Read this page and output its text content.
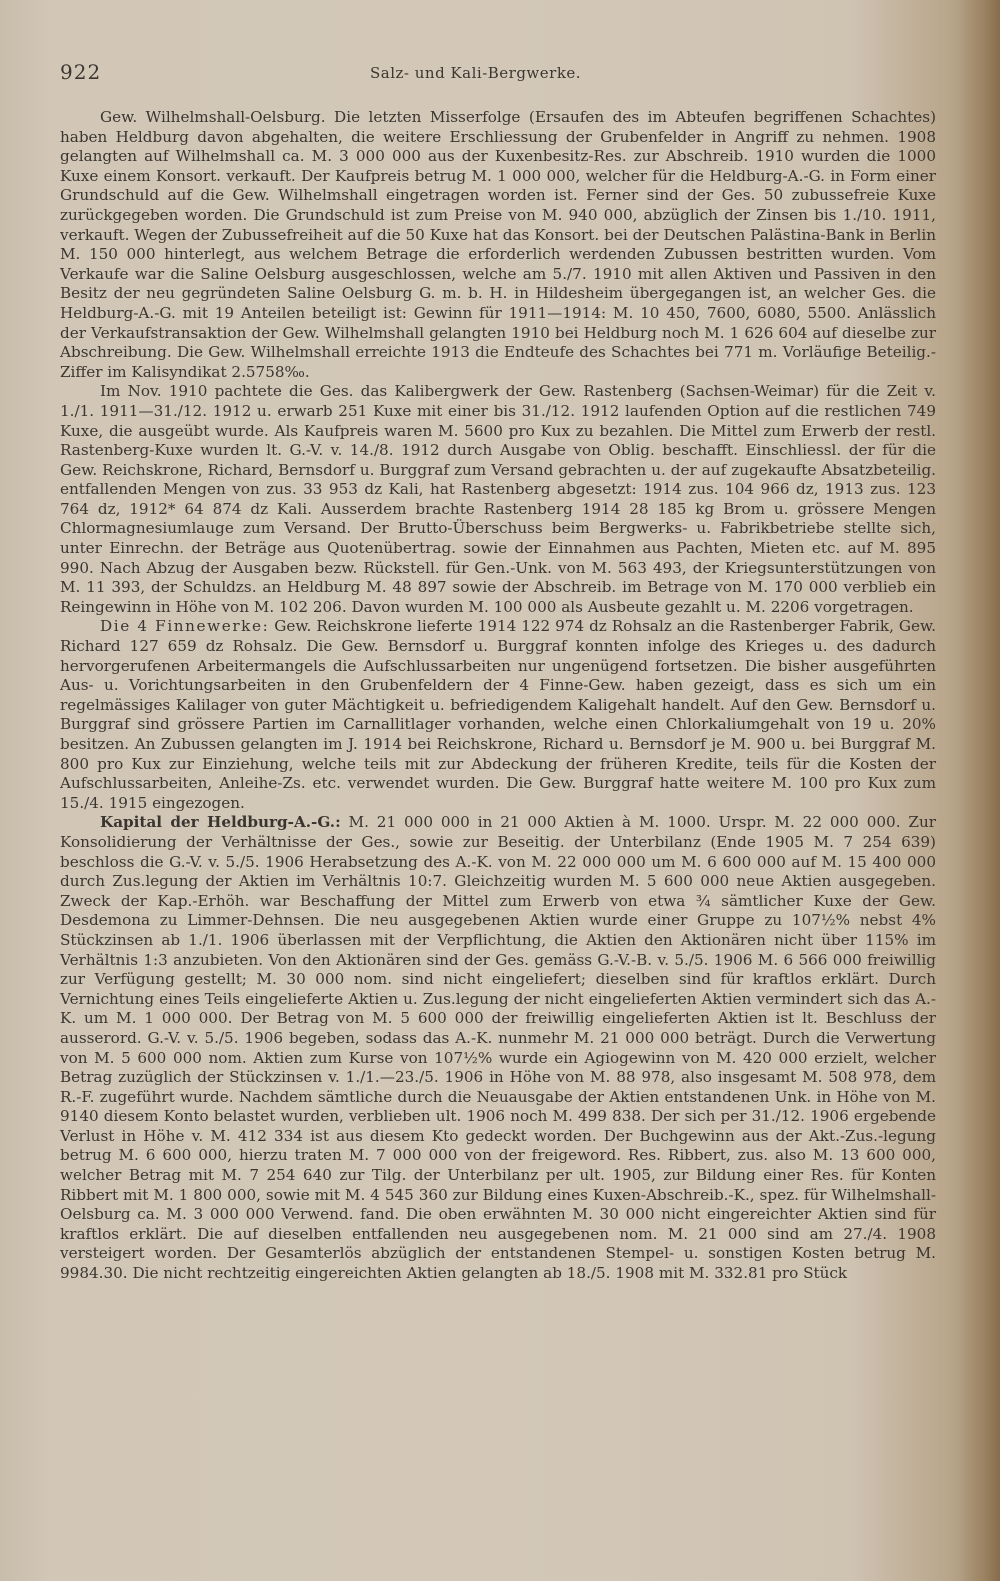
922	Salz- und Kali-Bergwerke.

Gew. Wilhelmshall-Oelsburg. Die letzten Misserfolge (Ersaufen des im Abteufen begriffenen Schachtes) haben Heldburg davon abgehalten, die weitere Erschliessung der Grubenfelder in Angriff zu nehmen. 1908 gelangten auf Wilhelmshall ca. M. 3 000 000 aus der Kuxenbesitz-Res. zur Abschreib. 1910 wurden die 1000 Kuxe einem Konsort. verkauft. Der Kaufpreis betrug M. 1 000 000, welcher für die Heldburg-A.-G. in Form einer Grundschuld auf die Gew. Wilhelmshall eingetragen worden ist. Ferner sind der Ges. 50 zubussefreie Kuxe zurückgegeben worden. Die Grundschuld ist zum Preise von M. 940 000, abzüglich der Zinsen bis 1./10. 1911, verkauft. Wegen der Zubussefreiheit auf die 50 Kuxe hat das Konsort. bei der Deutschen Palästina-Bank in Berlin M. 150 000 hinterlegt, aus welchem Betrage die erforderlich werdenden Zubussen bestritten wurden. Vom Verkaufe war die Saline Oelsburg ausgeschlossen, welche am 5./7. 1910 mit allen Aktiven und Passiven in den Besitz der neu gegründeten Saline Oelsburg G. m. b. H. in Hildesheim übergegangen ist, an welcher Ges. die Heldburg-A.-G. mit 19 Anteilen beteiligt ist: Gewinn für 1911—1914: M. 10 450, 7600, 6080, 5500. Anlässlich der Verkaufstransaktion der Gew. Wilhelmshall gelangten 1910 bei Heldburg noch M. 1 626 604 auf dieselbe zur Abschreibung. Die Gew. Wilhelmshall erreichte 1913 die Endteufe des Schachtes bei 771 m. Vorläufige Beteilig.-Ziffer im Kalisyndikat 2.5758‰.

Im Nov. 1910 pachtete die Ges. das Kalibergwerk der Gew. Rastenberg (Sachsen-Weimar) für die Zeit v. 1./1. 1911—31./12. 1912 u. erwarb 251 Kuxe mit einer bis 31./12. 1912 laufenden Option auf die restlichen 749 Kuxe, die ausgeübt wurde. Als Kaufpreis waren M. 5600 pro Kux zu bezahlen. Die Mittel zum Erwerb der restl. Rastenberg-Kuxe wurden lt. G.-V. v. 14./8. 1912 durch Ausgabe von Oblig. beschafft. Einschliessl. der für die Gew. Reichskrone, Richard, Bernsdorf u. Burggraf zum Versand gebrachten u. der auf zugekaufte Absatzbeteilig. entfallenden Mengen von zus. 33 953 dz Kali, hat Rastenberg abgesetzt: 1914 zus. 104 966 dz, 1913 zus. 123 764 dz, 1912* 64 874 dz Kali. Ausserdem brachte Rastenberg 1914 28 185 kg Brom u. grössere Mengen Chlormagnesiumlauge zum Versand. Der Brutto-Überschuss beim Bergwerks- u. Fabrikbetriebe stellte sich, unter Einrechn. der Beträge aus Quotenübertrag. sowie der Einnahmen aus Pachten, Mieten etc. auf M. 895 990. Nach Abzug der Ausgaben bezw. Rückstell. für Gen.-Unk. von M. 563 493, der Kriegsunterstützungen von M. 11 393, der Schuldzs. an Heldburg M. 48 897 sowie der Abschreib. im Betrage von M. 170 000 verblieb ein Reingewinn in Höhe von M. 102 206. Davon wurden M. 100 000 als Ausbeute gezahlt u. M. 2206 vorgetragen.

Die 4 Finnewerke: Gew. Reichskrone lieferte 1914 122 974 dz Rohsalz an die Rastenberger Fabrik, Gew. Richard 127 659 dz Rohsalz. Die Gew. Bernsdorf u. Burggraf konnten infolge des Krieges u. des dadurch hervorgerufenen Arbeitermangels die Aufschlussarbeiten nur ungenügend fortsetzen. Die bisher ausgeführten Aus- u. Vorichtungsarbeiten in den Grubenfeldern der 4 Finne-Gew. haben gezeigt, dass es sich um ein regelmässiges Kalilager von guter Mächtigkeit u. befriedigendem Kaligehalt handelt. Auf den Gew. Bernsdorf u. Burggraf sind grössere Partien im Carnallitlager vorhanden, welche einen Chlorkaliumgehalt von 19 u. 20% besitzen. An Zubussen gelangten im J. 1914 bei Reichskrone, Richard u. Bernsdorf je M. 900 u. bei Burggraf M. 800 pro Kux zur Einziehung, welche teils mit zur Abdeckung der früheren Kredite, teils für die Kosten der Aufschlussarbeiten, Anleihe-Zs. etc. verwendet wurden. Die Gew. Burggraf hatte weitere M. 100 pro Kux zum 15./4. 1915 eingezogen.

Kapital der Heldburg-A.-G.: M. 21 000 000 in 21 000 Aktien à M. 1000. Urspr. M. 22 000 000. Zur Konsolidierung der Verhältnisse der Ges., sowie zur Beseitig. der Unterbilanz (Ende 1905 M. 7 254 639) beschloss die G.-V. v. 5./5. 1906 Herabsetzung des A.-K. von M. 22 000 000 um M. 6 600 000 auf M. 15 400 000 durch Zus.legung der Aktien im Verhältnis 10:7. Gleichzeitig wurden M. 5 600 000 neue Aktien ausgegeben. Zweck der Kap.-Erhöh. war Beschaffung der Mittel zum Erwerb von etwa ¾ sämtlicher Kuxe der Gew. Desdemona zu Limmer-Dehnsen. Die neu ausgegebenen Aktien wurde einer Gruppe zu 107½% nebst 4% Stückzinsen ab 1./1. 1906 überlassen mit der Verpflichtung, die Aktien den Aktionären nicht über 115% im Verhältnis 1:3 anzubieten. Von den Aktionären sind der Ges. gemäss G.-V.-B. v. 5./5. 1906 M. 6 566 000 freiwillig zur Verfügung gestellt; M. 30 000 nom. sind nicht eingeliefert; dieselben sind für kraftlos erklärt. Durch Vernichtung eines Teils eingelieferte Aktien u. Zus.legung der nicht eingelieferten Aktien vermindert sich das A.-K. um M. 1 000 000. Der Betrag von M. 5 600 000 der freiwillig eingelieferten Aktien ist lt. Beschluss der ausserord. G.-V. v. 5./5. 1906 begeben, sodass das A.-K. nunmehr M. 21 000 000 beträgt. Durch die Verwertung von M. 5 600 000 nom. Aktien zum Kurse von 107½% wurde ein Agiogewinn von M. 420 000 erzielt, welcher Betrag zuzüglich der Stückzinsen v. 1./1.—23./5. 1906 in Höhe von M. 88 978, also insgesamt M. 508 978, dem R.-F. zugeführt wurde. Nachdem sämtliche durch die Neuausgabe der Aktien entstandenen Unk. in Höhe von M. 9140 diesem Konto belastet wurden, verblieben ult. 1906 noch M. 499 838. Der sich per 31./12. 1906 ergebende Verlust in Höhe v. M. 412 334 ist aus diesem Kto gedeckt worden. Der Buchgewinn aus der Akt.-Zus.-legung betrug M. 6 600 000, hierzu traten M. 7 000 000 von der freigeword. Res. Ribbert, zus. also M. 13 600 000, welcher Betrag mit M. 7 254 640 zur Tilg. der Unterbilanz per ult. 1905, zur Bildung einer Res. für Konten Ribbert mit M. 1 800 000, sowie mit M. 4 545 360 zur Bildung eines Kuxen-Abschreib.-K., spez. für Wilhelmshall-Oelsburg ca. M. 3 000 000 Verwend. fand. Die oben erwähnten M. 30 000 nicht eingereichter Aktien sind für kraftlos erklärt. Die auf dieselben entfallenden neu ausgegebenen nom. M. 21 000 sind am 27./4. 1908 versteigert worden. Der Gesamterlös abzüglich der entstandenen Stempel- u. sonstigen Kosten betrug M. 9984.30. Die nicht rechtzeitig eingereichten Aktien gelangten ab 18./5. 1908 mit M. 332.81 pro Stück
